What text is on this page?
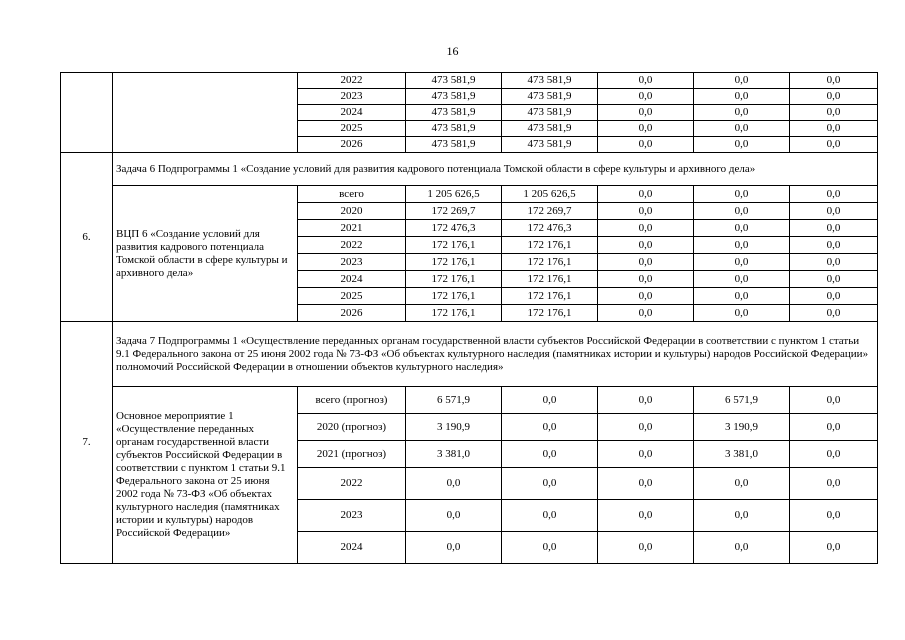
16
		2022	473 581,9	473 581,9	0,0	0,0	0,0
		2023	473 581,9	473 581,9	0,0	0,0	0,0
		2024	473 581,9	473 581,9	0,0	0,0	0,0
		2025	473 581,9	473 581,9	0,0	0,0	0,0
		2026	473 581,9	473 581,9	0,0	0,0	0,0
6.	Задача 6 Подпрограммы 1 «Создание условий для развития кадрового потенциала Томской области в сфере культуры и архивного дела»						
	ВЦП 6 «Создание условий для развития кадрового потенциала Томской области в сфере культуры и архивного дела»	всего	1 205 626,5	1 205 626,5	0,0	0,0	0,0
		2020	172 269,7	172 269,7	0,0	0,0	0,0
		2021	172 476,3	172 476,3	0,0	0,0	0,0
		2022	172 176,1	172 176,1	0,0	0,0	0,0
		2023	172 176,1	172 176,1	0,0	0,0	0,0
		2024	172 176,1	172 176,1	0,0	0,0	0,0
		2025	172 176,1	172 176,1	0,0	0,0	0,0
		2026	172 176,1	172 176,1	0,0	0,0	0,0
7.	Задача 7 Подпрограммы 1 «Осуществление переданных органам государственной власти субъектов Российской Федерации в соответствии с пунктом 1 статьи 9.1 Федерального закона от 25 июня 2002 года № 73-ФЗ «Об объектах культурного наследия (памятниках истории и культуры) народов Российской Федерации» полномочий Российской Федерации в отношении объектов культурного наследия»						
	Основное мероприятие 1 «Осуществление переданных органам государственной власти субъектов Российской Федерации в соответствии с пунктом 1 статьи 9.1 Федерального закона от 25 июня 2002 года № 73-ФЗ «Об объектах культурного наследия (памятниках истории и культуры) народов Российской Федерации»	всего (прогноз)	6 571,9	0,0	0,0	6 571,9	0,0
		2020 (прогноз)	3 190,9	0,0	0,0	3 190,9	0,0
		2021 (прогноз)	3 381,0	0,0	0,0	3 381,0	0,0
		2022	0,0	0,0	0,0	0,0	0,0
		2023	0,0	0,0	0,0	0,0	0,0
		2024	0,0	0,0	0,0	0,0	0,0
